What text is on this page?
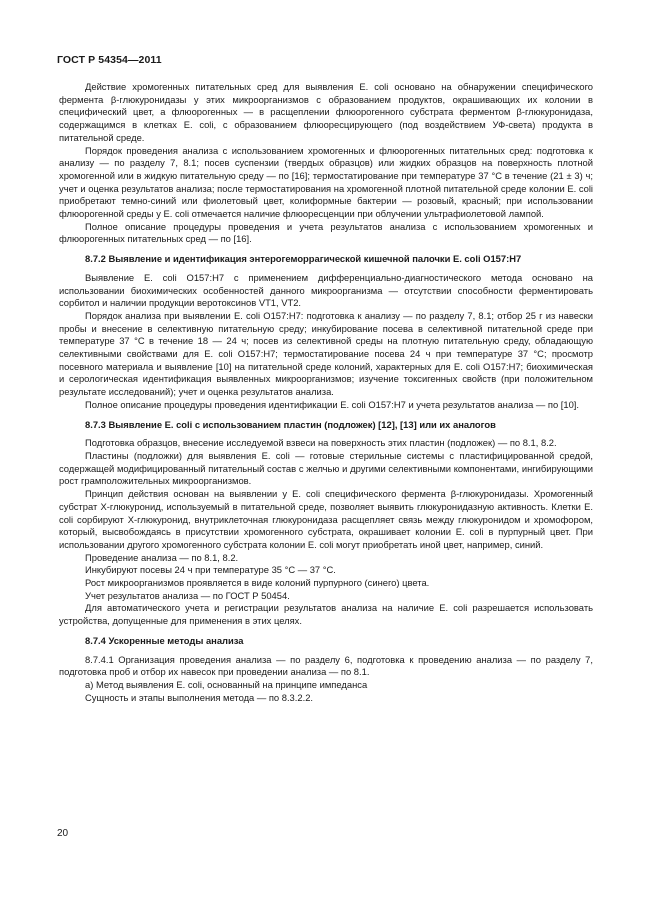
ГОСТ Р 54354—2011

Действие хромогенных питательных сред для выявления E. coli основано на обнаружении специфического фермента β-глюкуронидазы у этих микроорганизмов с образованием продуктов, окрашивающих их колонии в специфический цвет, а флюорогенных — в расщеплении флюорогенного субстрата ферментом β-глюкуронидаза, содержащимся в клетках E. coli, с образованием флюоресцирующего (под воздействием УФ-света) продукта в питательной среде.

Порядок проведения анализа с использованием хромогенных и флюорогенных питательных сред: подготовка к анализу — по разделу 7, 8.1; посев суспензии (твердых образцов) или жидких образцов на поверхность плотной хромогенной или в жидкую питательную среду — по [16]; термостатирование при температуре 37 °С в течение (21 ± 3) ч; учет и оценка результатов анализа; после термостатирования на хромогенной плотной питательной среде колонии E. coli приобретают темно-синий или фиолетовый цвет, колиформные бактерии — розовый, красный; при использовании флюорогенной среды у E. coli отмечается наличие флюоресценции при облучении ультрафиолетовой лампой.

Полное описание процедуры проведения и учета результатов анализа с использованием хромогенных и флюорогенных питательных сред — по [16].

8.7.2 Выявление и идентификация энтерогеморрагической кишечной палочки E. coli O157:H7

Выявление E. coli O157:H7 с применением дифференциально-диагностического метода основано на использовании биохимических особенностей данного микроорганизма — отсутствии способности ферментировать сорбитол и наличии продукции веротоксинов VT1, VT2.

Порядок анализа при выявлении E. coli O157:H7: подготовка к анализу — по разделу 7, 8.1; отбор 25 г из навески пробы и внесение в селективную питательную среду; инкубирование посева в селективной питательной среде при температуре 37 °С в течение 18 — 24 ч; посев из селективной среды на плотную питательную среду, обладающую селективными свойствами для E. coli O157:H7; термостатирование посева 24 ч при температуре 37 °С; просмотр посевного материала и выявление [10] на питательной среде колоний, характерных для E. coli O157:H7; биохимическая и серологическая идентификация выявленных микроорганизмов; изучение токсигенных свойств (при положительном результате исследований); учет и оценка результатов анализа.

Полное описание процедуры проведения идентификации E. coli O157:H7 и учета результатов анализа — по [10].

8.7.3 Выявление E. coli с использованием пластин (подложек) [12], [13] или их аналогов

Подготовка образцов, внесение исследуемой взвеси на поверхность этих пластин (подложек) — по 8.1, 8.2.

Пластины (подложки) для выявления E. coli — готовые стерильные системы с пластифицированной средой, содержащей модифицированный питательный состав с желчью и другими селективными компонентами, ингибирующими рост грамположительных микроорганизмов.

Принцип действия основан на выявлении у E. coli специфического фермента β-глюкуронидазы. Хромогенный субстрат Х-глюкуронид, используемый в питательной среде, позволяет выявить глюкуронидазную активность. Клетки E. coli сорбируют Х-глюкуронид, внутриклеточная глюкуронидаза расщепляет связь между глюкуронидом и хромофором, который, высвобождаясь в присутствии хромогенного субстрата, окрашивает колонии E. coli в пурпурный цвет. При использовании другого хромогенного субстрата колонии E. coli могут приобретать иной цвет, например, синий.

Проведение анализа — по 8.1, 8.2.

Инкубируют посевы 24 ч при температуре 35 °С — 37 °С.

Рост микроорганизмов проявляется в виде колоний пурпурного (синего) цвета.

Учет результатов анализа — по ГОСТ Р 50454.

Для автоматического учета и регистрации результатов анализа на наличие E. coli разрешается использовать устройства, допущенные для применения в этих целях.

8.7.4 Ускоренные методы анализа

8.7.4.1 Организация проведения анализа — по разделу 6, подготовка к проведению анализа — по разделу 7, подготовка проб и отбор их навесок при проведении анализа — по 8.1.

а) Метод выявления E. coli, основанный на принципе импеданса

Сущность и этапы выполнения метода — по 8.3.2.2.

20
